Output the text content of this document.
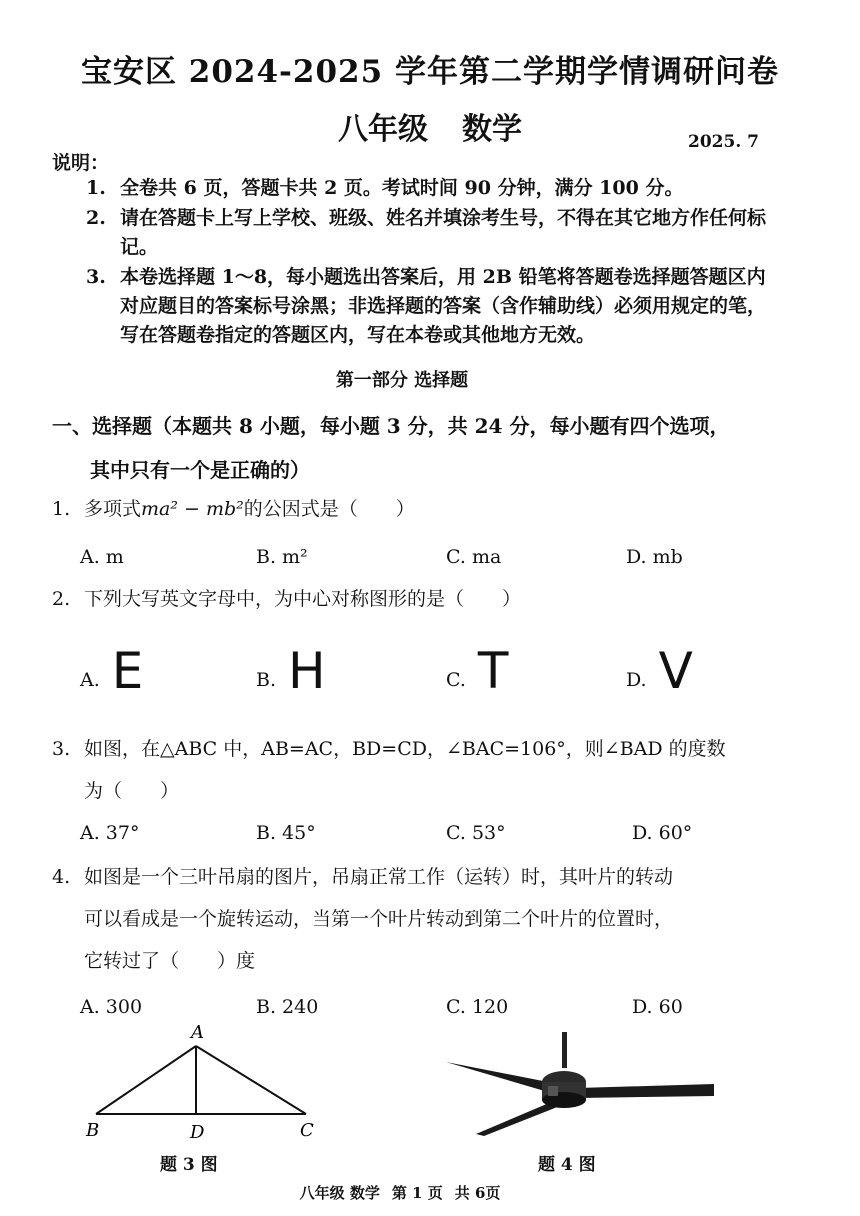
宝安区 2024-2025 学年第二学期学情调研问卷
八年级 数学	2025. 7
说明：
1. 全卷共 6 页，答题卡共 2 页。考试时间 90 分钟，满分 100 分。
2. 请在答题卡上写上学校、班级、姓名并填涂考生号，不得在其它地方作任何标记。
3. 本卷选择题 1～8，每小题选出答案后，用 2B 铅笔将答题卷选择题答题区内对应题目的答案标号涂黑；非选择题的答案（含作辅助线）必须用规定的笔，写在答题卷指定的答题区内，写在本卷或其他地方无效。
第一部分 选择题
一、选择题（本题共 8 小题，每小题 3 分，共 24 分，每小题有四个选项，
其中只有一个是正确的）
1. 多项式ma² − mb²的公因式是（　　）
A. m	B. m²	C. ma	D. mb
2. 下列大写英文字母中，为中心对称图形的是（　　）
A. E	B. H	C. T	D. V
3. 如图，在△ABC 中，AB=AC，BD=CD，∠BAC=106°，则∠BAD 的度数
为（　　）
A. 37°	B. 45°	C. 53°	D. 60°
4. 如图是一个三叶吊扇的图片，吊扇正常工作（运转）时，其叶片的转动
可以看成是一个旋转运动，当第一个叶片转动到第二个叶片的位置时，
它转过了（　　）度
A. 300	B. 240	C. 120	D. 60
A
B	D	C
题 3 图	题 4 图
八年级 数学 第 1 页 共 6页
